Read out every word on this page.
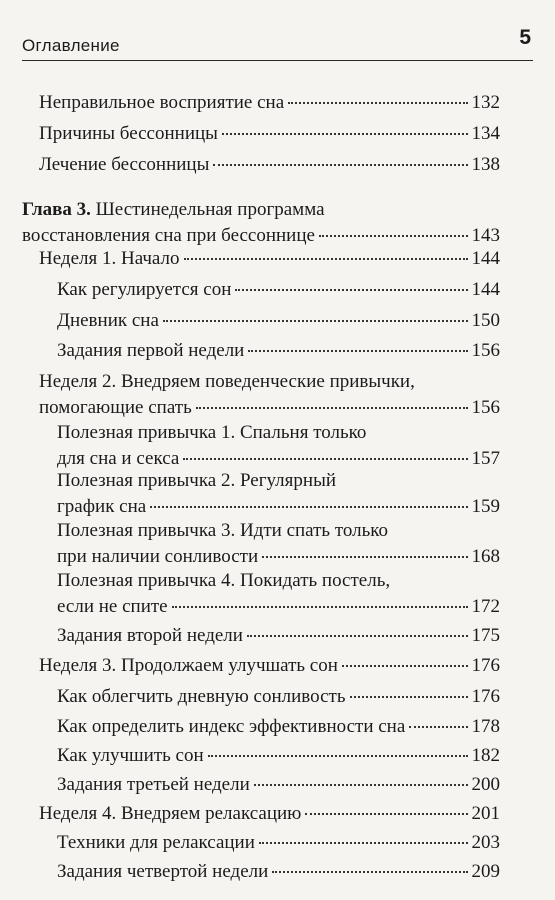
Оглавление	5
Неправильное восприятие сна	132
Причины бессонницы	134
Лечение бессонницы	138
Глава 3. Шестинедельная программа
восстановления сна при бессоннице	143
Неделя 1. Начало	144
Как регулируется сон	144
Дневник сна	150
Задания первой недели	156
Неделя 2. Внедряем поведенческие привычки,
помогающие спать	156
Полезная привычка 1. Спальня только
для сна и секса	157
Полезная привычка 2. Регулярный
график сна	159
Полезная привычка 3. Идти спать только
при наличии сонливости	168
Полезная привычка 4. Покидать постель,
если не спите	172
Задания второй недели	175
Неделя 3. Продолжаем улучшать сон	176
Как облегчить дневную сонливость	176
Как определить индекс эффективности сна	178
Как улучшить сон	182
Задания третьей недели	200
Неделя 4. Внедряем релаксацию	201
Техники для релаксации	203
Задания четвертой недели	209
